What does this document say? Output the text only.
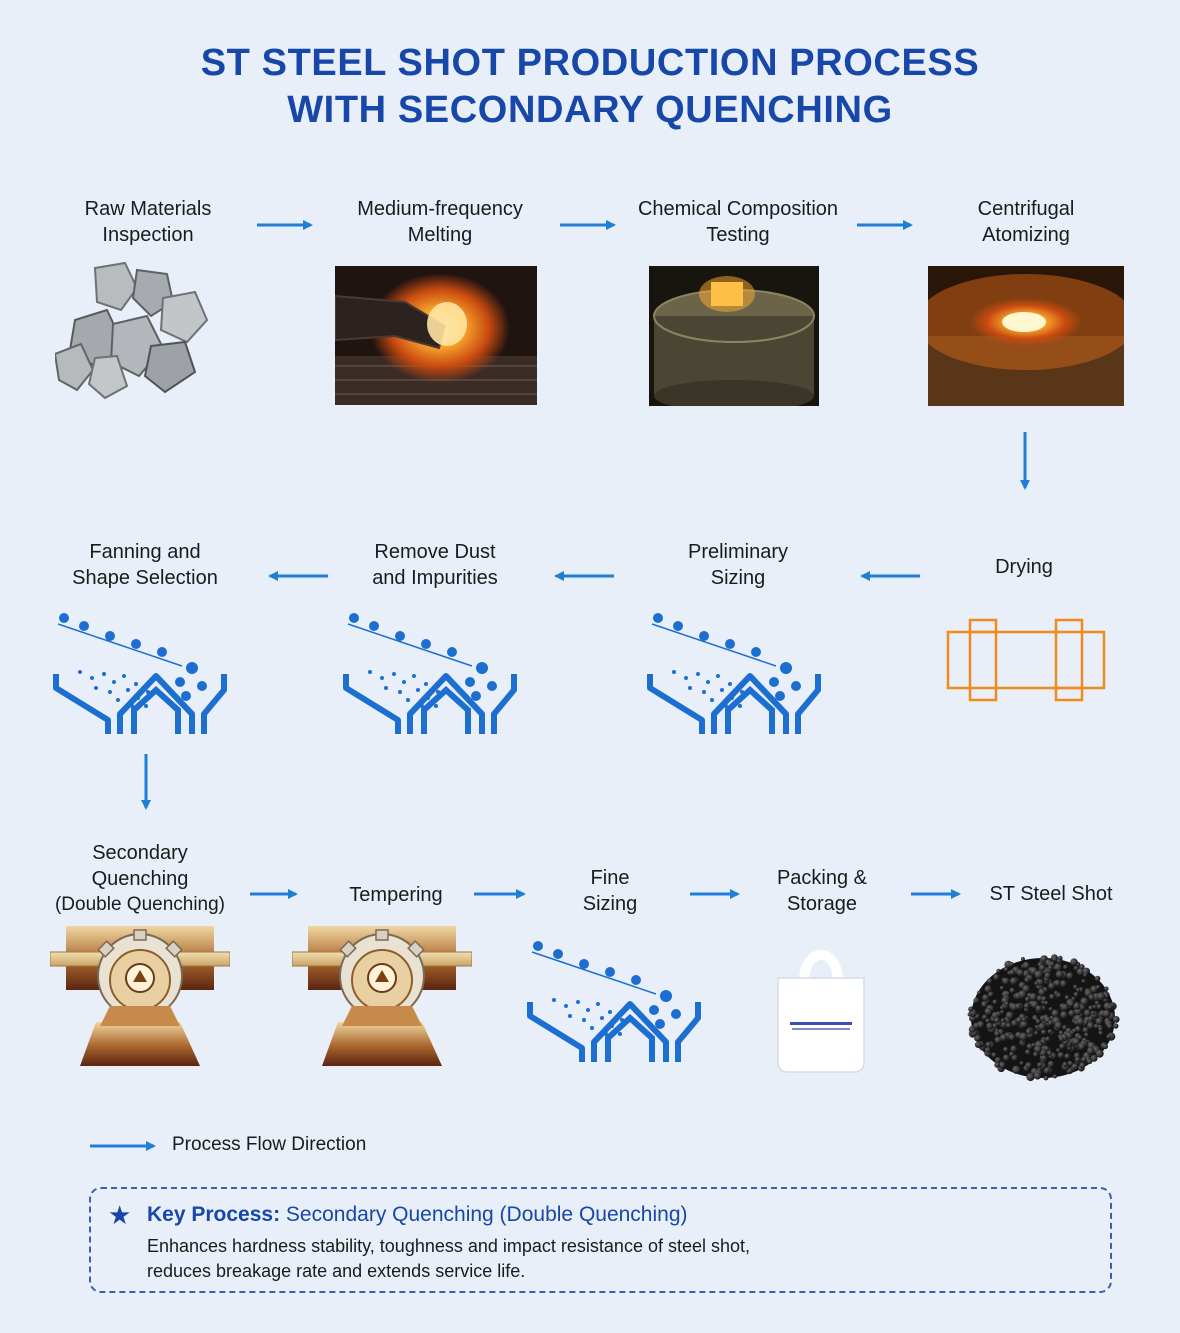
ST STEEL SHOT PRODUCTION PROCESS
WITH SECONDARY QUENCHING
Raw Materials
Inspection
Medium-frequency
Melting
Chemical Composition
Testing
Centrifugal
Atomizing
Drying
Preliminary
Sizing
Remove Dust
and Impurities
Fanning and
Shape Selection
Secondary
Quenching
(Double Quenching)	Tempering
Fine
Sizing
Packing &
Storage	ST Steel Shot
Process Flow Direction
★ Key Process: Secondary Quenching (Double Quenching)
Enhances hardness stability, toughness and impact resistance of steel shot,
reduces breakage rate and extends service life.
